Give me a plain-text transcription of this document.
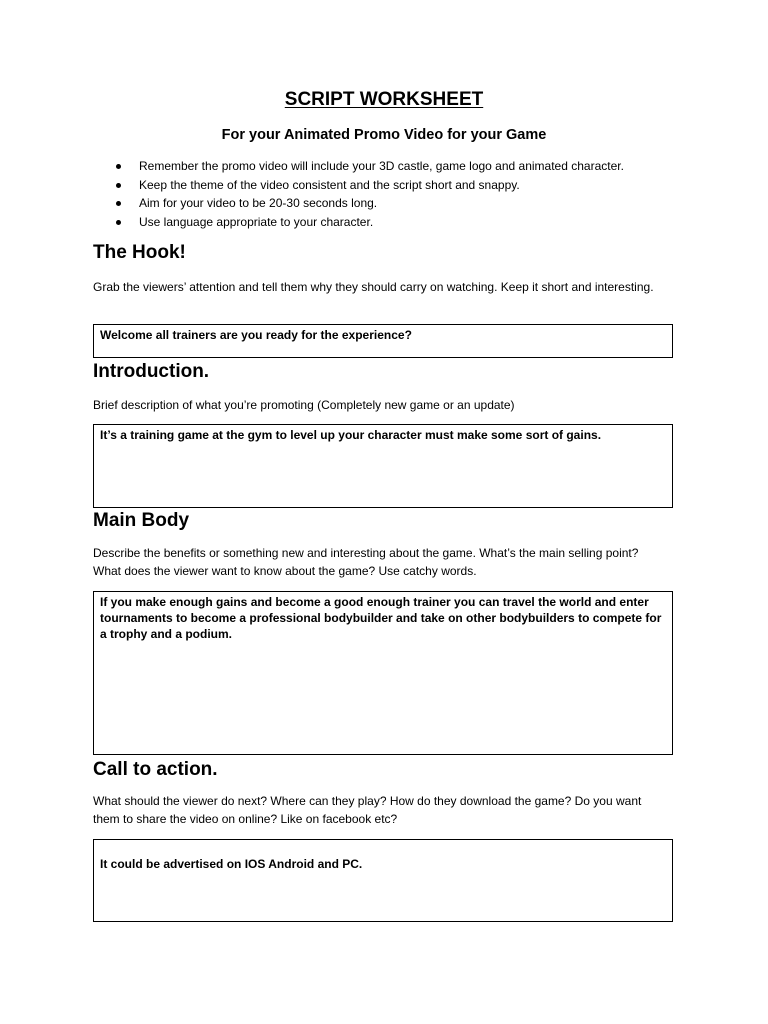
SCRIPT WORKSHEET
For your Animated Promo Video for your Game
Remember the promo video will include your 3D castle, game logo and animated character.
Keep the theme of the video consistent and the script short and snappy.
Aim for your video to be 20-30 seconds long.
Use language appropriate to your character.
The Hook!

Grab the viewers’ attention and tell them why they should carry on watching. Keep it short and interesting.

Welcome all trainers are you ready for the experience?
Introduction.

Brief description of what you’re promoting (Completely new game or an update)

It’s a training game at the gym to level up your character must make some sort of gains.
Main Body

Describe the benefits or something new and interesting about the game. What’s the main selling point? What does the viewer want to know about the game? Use catchy words.

If you make enough gains and become a good enough trainer you can travel the world and enter tournaments to become a professional bodybuilder and take on other bodybuilders to compete for a trophy and a podium.
Call to action.

What should the viewer do next? Where can they play? How do they download the game? Do you want them to share the video on online? Like on facebook etc?

It could be advertised on IOS Android and PC.
